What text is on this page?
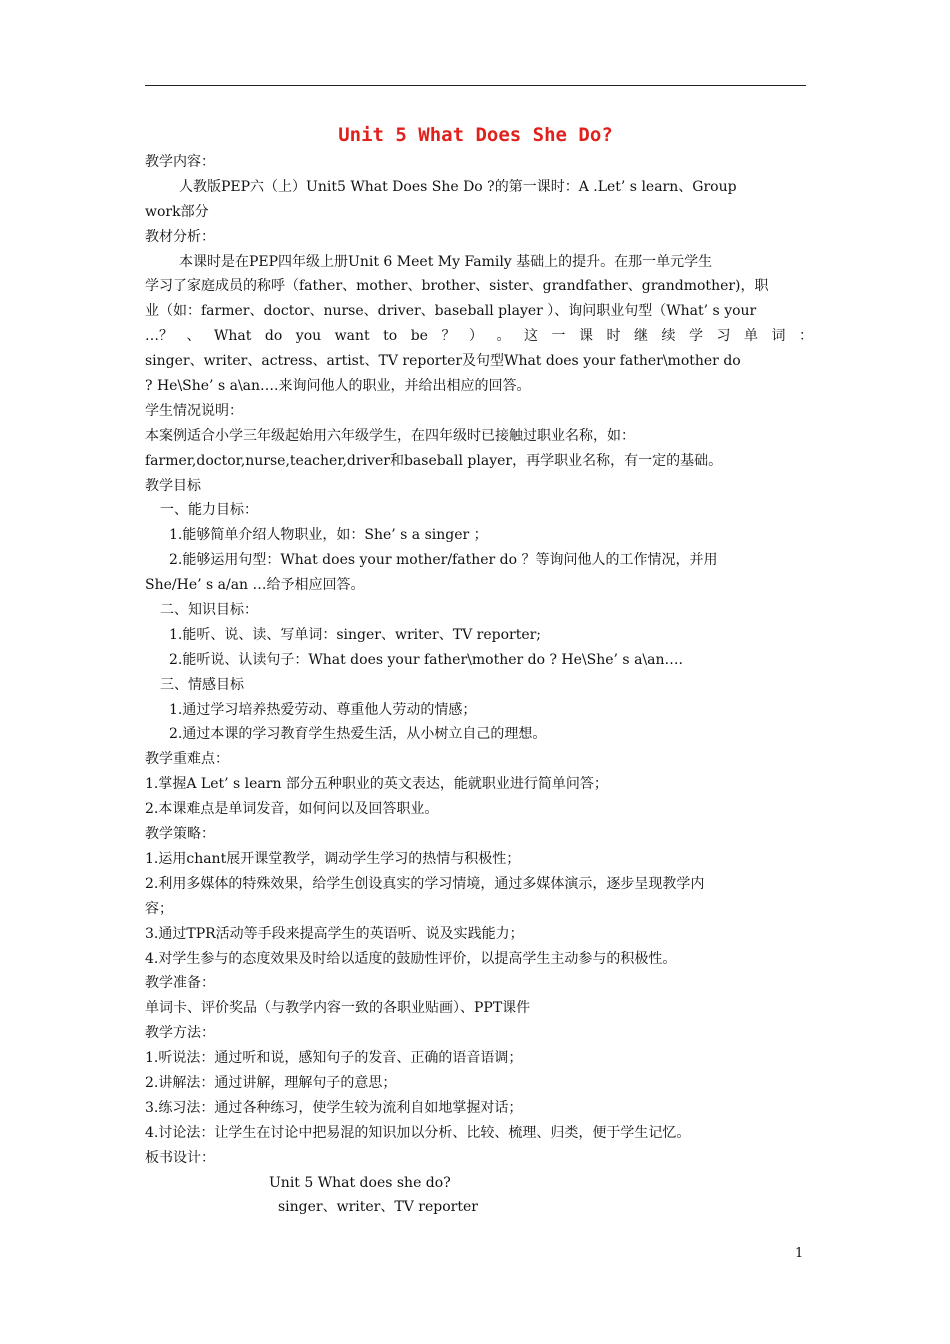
Unit 5 What Does She Do?
教学内容：
人教版PEP六（上）Unit5 What Does She Do ?的第一课时：A .Let’ s learn、Group
work部分
教材分析：
本课时是在PEP四年级上册Unit 6 Meet My Family 基础上的提升。在那一单元学生
学习了家庭成员的称呼（father、mother、brother、sister、grandfather、grandmother)，职
业（如：farmer、doctor、nurse、driver、baseball player ）、询问职业句型（What’ s your
…？ 、 What do you want to be ？ ） 。 这 一 课 时 继 续 学 习 单 词 ：
singer、writer、actress、artist、TV reporter及句型What does your father\mother do
? He\She’ s a\an….来询问他人的职业，并给出相应的回答。
学生情况说明：
本案例适合小学三年级起始用六年级学生，在四年级时已接触过职业名称，如：
farmer,doctor,nurse,teacher,driver和baseball player，再学职业名称，有一定的基础。
教学目标
一、能力目标：
1.能够简单介绍人物职业，如：She’ s a singer ；
2.能够运用句型：What does your mother/father do ？等询问他人的工作情况，并用
She/He’ s a/an …给予相应回答。
二、知识目标：
1.能听、说、读、写单词：singer、writer、TV reporter;
2.能听说、认读句子：What does your father\mother do ? He\She’ s a\an….
三、情感目标
1.通过学习培养热爱劳动、尊重他人劳动的情感；
2.通过本课的学习教育学生热爱生活，从小树立自己的理想。
教学重难点：
1.掌握A Let’ s learn 部分五种职业的英文表达，能就职业进行简单问答；
2.本课难点是单词发音，如何问以及回答职业。
教学策略：
1.运用chant展开课堂教学，调动学生学习的热情与积极性；
2.利用多媒体的特殊效果，给学生创设真实的学习情境，通过多媒体演示，逐步呈现教学内
容；
3.通过TPR活动等手段来提高学生的英语听、说及实践能力；
4.对学生参与的态度效果及时给以适度的鼓励性评价，以提高学生主动参与的积极性。
教学准备：
单词卡、评价奖品（与教学内容一致的各职业贴画）、PPT课件
教学方法：
1.听说法：通过听和说，感知句子的发音、正确的语音语调；
2.讲解法：通过讲解，理解句子的意思；
3.练习法：通过各种练习，使学生较为流利自如地掌握对话；
4.讨论法：让学生在讨论中把易混的知识加以分析、比较、梳理、归类，便于学生记忆。
板书设计：
Unit 5 What does she do?
singer、writer、TV reporter
1
